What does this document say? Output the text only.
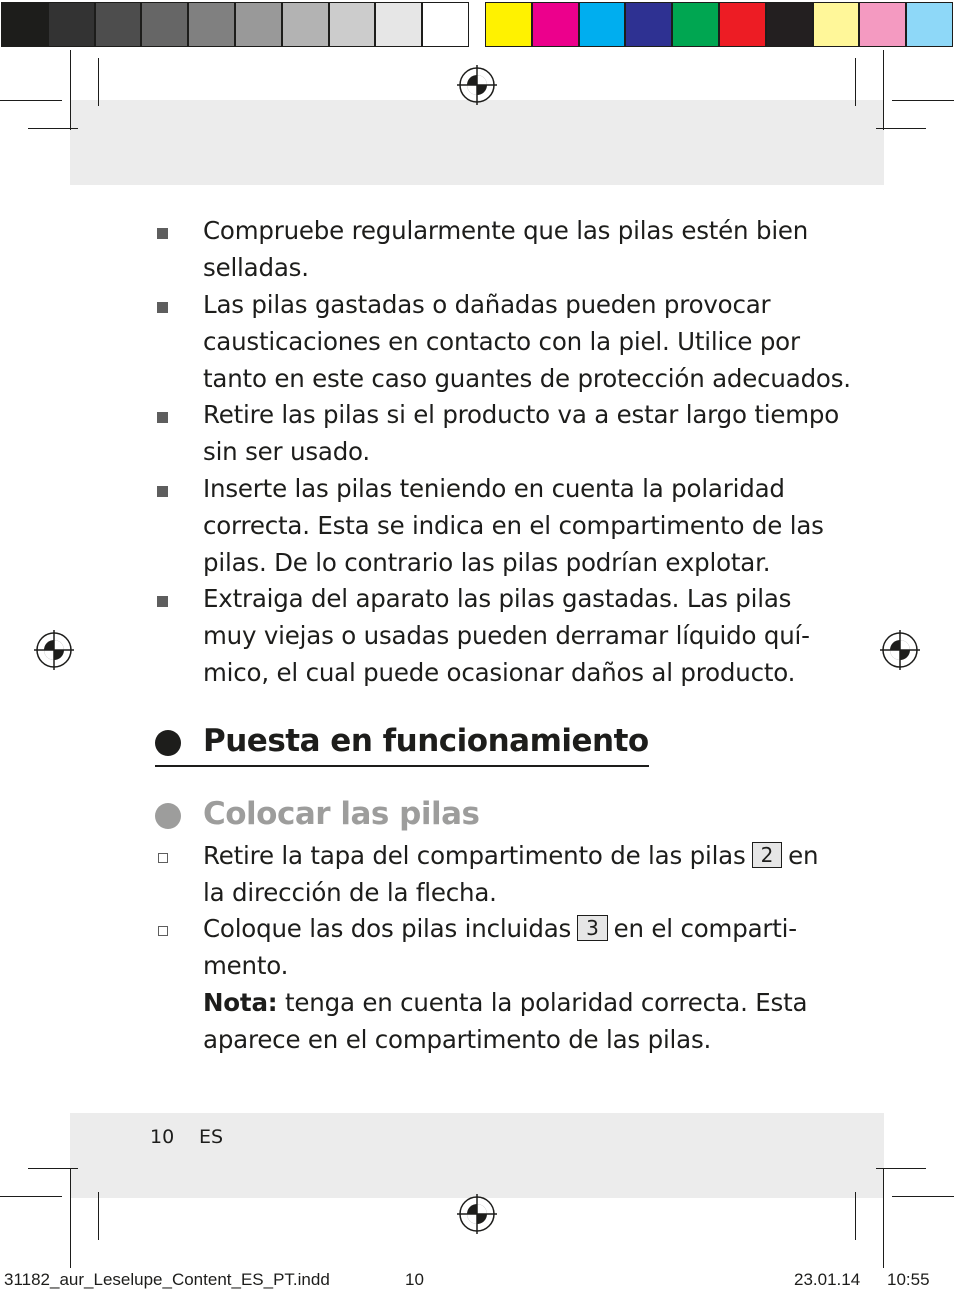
Compruebe regularmente que las pilas estén bien

selladas.

Las pilas gastadas o dañadas pueden provocar

causticaciones en contacto con la piel. Utilice por

tanto en este caso guantes de protección adecuados.

Retire las pilas si el producto va a estar largo tiempo

sin ser usado.

Inserte las pilas teniendo en cuenta la polaridad

correcta. Esta se indica en el compartimento de las

pilas. De lo contrario las pilas podrían explotar.

Extraiga del aparato las pilas gastadas. Las pilas

muy viejas o usadas pueden derramar líquido quí-

mico, el cual puede ocasionar daños al producto.

Puesta en funcionamiento
Colocar las pilas

Retire la tapa del compartimento de las pilas 2 en

la dirección de la flecha.

Coloque las dos pilas incluidas 3 en el comparti-

mento.

Nota: tenga en cuenta la polaridad correcta. Esta

aparece en el compartimento de las pilas.

10 ES
31182_aur_Leselupe_Content_ES_PT.indd	10	23.01.14 10:55
